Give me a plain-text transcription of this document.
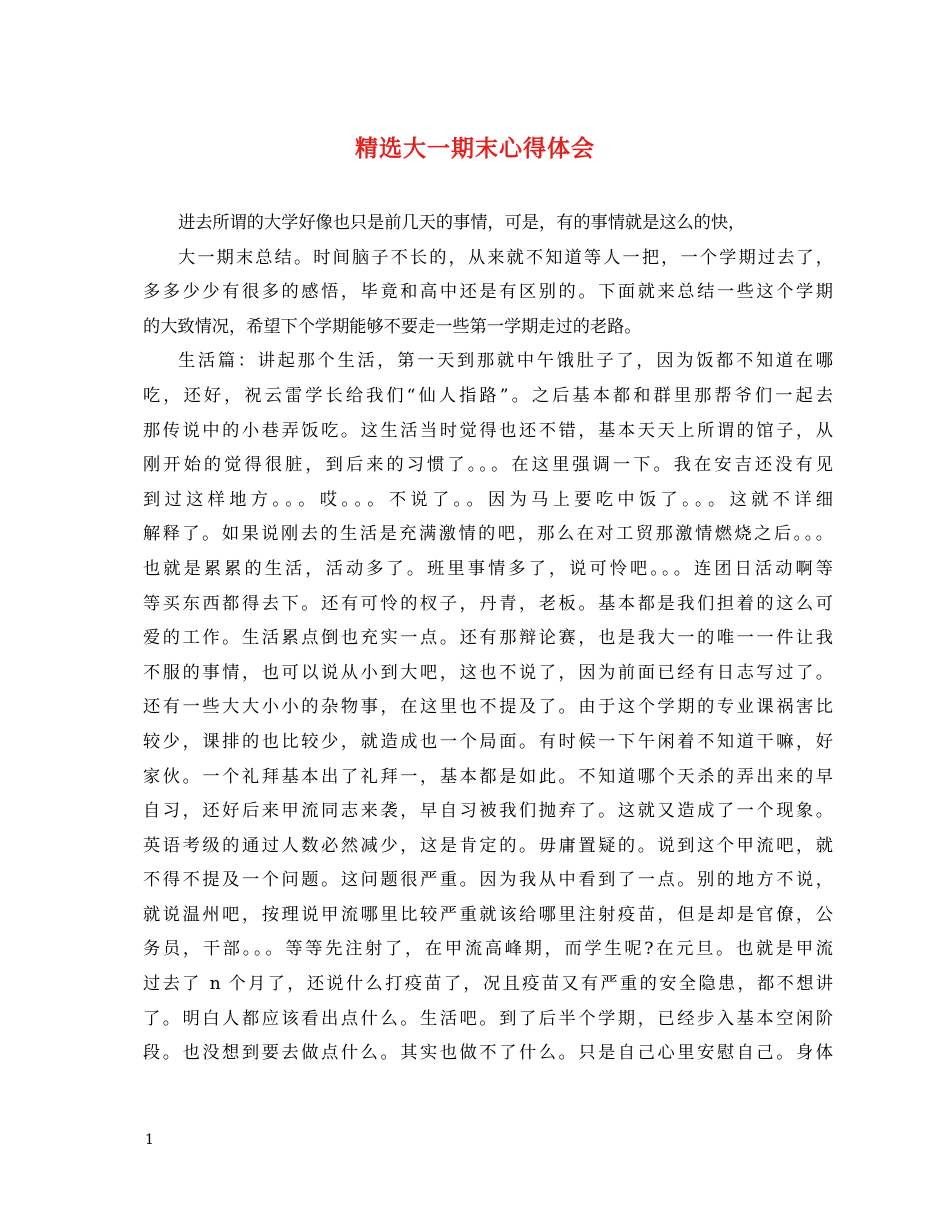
精选大一期末心得体会
进去所谓的大学好像也只是前几天的事情，可是，有的事情就是这么的快，
大一期末总结。时间脑子不长的，从来就不知道等人一把，一个学期过去了，
多多少少有很多的感悟，毕竟和高中还是有区别的。下面就来总结一些这个学期
的大致情况，希望下个学期能够不要走一些第一学期走过的老路。
生活篇：讲起那个生活，第一天到那就中午饿肚子了，因为饭都不知道在哪
吃，还好，祝云雷学长给我们“仙人指路”。之后基本都和群里那帮爷们一起去
那传说中的小巷弄饭吃。这生活当时觉得也还不错，基本天天上所谓的馆子，从
刚开始的觉得很脏，到后来的习惯了。。。在这里强调一下。我在安吉还没有见
到过这样地方。。。哎。。。不说了。。因为马上要吃中饭了。。。这就不详细
解释了。如果说刚去的生活是充满激情的吧，那么在对工贸那激情燃烧之后。。。
也就是累累的生活，活动多了。班里事情多了，说可怜吧。。。连团日活动啊等
等买东西都得去下。还有可怜的杈子，丹青，老板。基本都是我们担着的这么可
爱的工作。生活累点倒也充实一点。还有那辩论赛，也是我大一的唯一一件让我
不服的事情，也可以说从小到大吧，这也不说了，因为前面已经有日志写过了。
还有一些大大小小的杂物事，在这里也不提及了。由于这个学期的专业课祸害比
较少，课排的也比较少，就造成也一个局面。有时候一下午闲着不知道干嘛，好
家伙。一个礼拜基本出了礼拜一，基本都是如此。不知道哪个天杀的弄出来的早
自习，还好后来甲流同志来袭，早自习被我们抛弃了。这就又造成了一个现象。
英语考级的通过人数必然减少，这是肯定的。毋庸置疑的。说到这个甲流吧，就
不得不提及一个问题。这问题很严重。因为我从中看到了一点。别的地方不说，
就说温州吧，按理说甲流哪里比较严重就该给哪里注射疫苗，但是却是官僚，公
务员，干部。。。等等先注射了，在甲流高峰期，而学生呢?在元旦。也就是甲流
过去了 n 个月了，还说什么打疫苗了，况且疫苗又有严重的安全隐患，都不想讲
了。明白人都应该看出点什么。生活吧。到了后半个学期，已经步入基本空闲阶
段。也没想到要去做点什么。其实也做不了什么。只是自己心里安慰自己。身体
1
